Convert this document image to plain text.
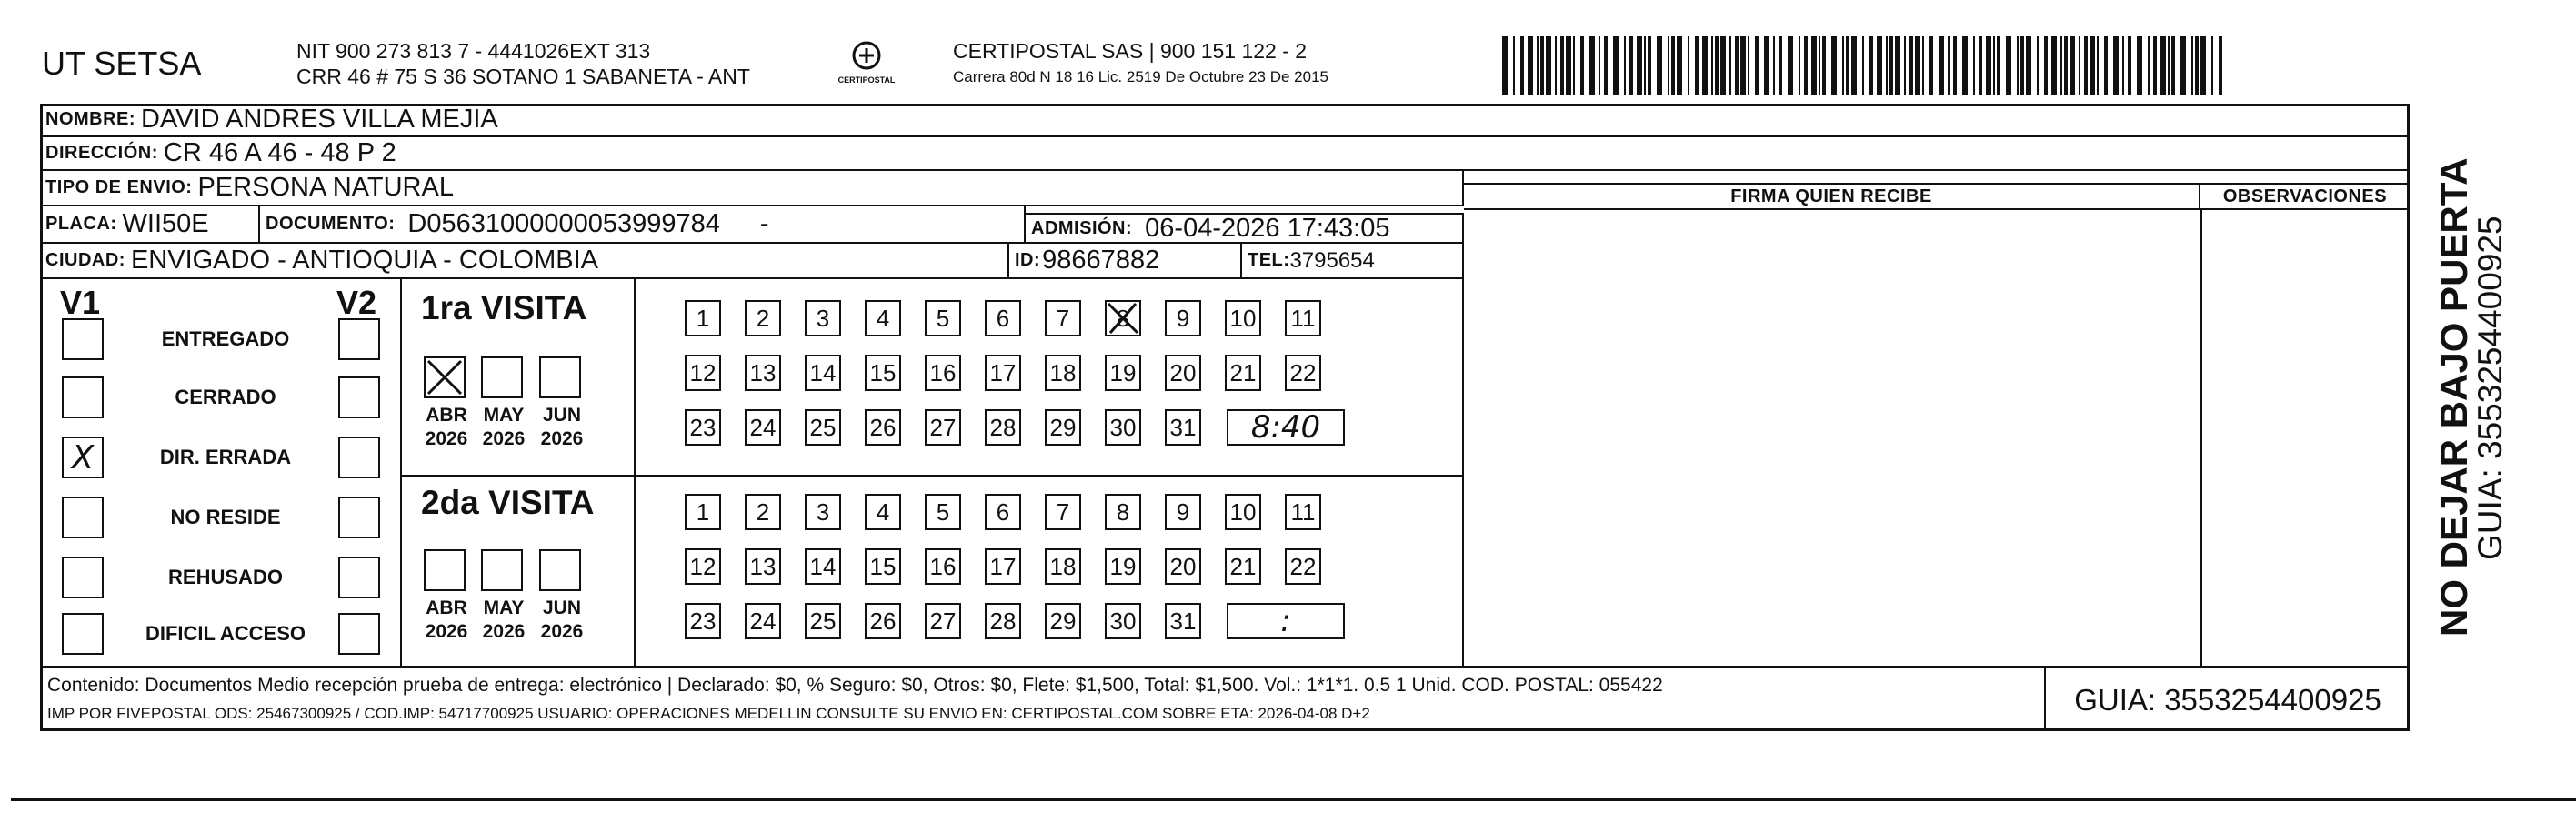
UT SETSA	NIT 900 273 813 7 - 4441026EXT 313
CRR 46 # 75 S 36 SOTANO 1 SABANETA - ANT	CERTIPOSTAL
CERTIPOSTAL SAS | 900 151 122 - 2
Carrera 80d N 18 16 Lic. 2519 De Octubre 23 De 2015
NOMBRE: DAVID ANDRES VILLA MEJIA
DIRECCIÓN: CR 46 A 46 - 48 P 2
TIPO DE ENVIO: PERSONA NATURAL	FIRMA QUIEN RECIBE	OBSERVACIONES
PLACA: WII50E	DOCUMENTO: D05631000000053999784 -	ADMISIÓN: 06-04-2026 17:43:05
CIUDAD: ENVIGADO - ANTIOQUIA - COLOMBIA	ID: 98667882	TEL: 3795654
V1	V2
ENTREGADO
CERRADO
X	DIR. ERRADA
NO RESIDE
REHUSADO
DIFICIL ACCESO
1ra VISITA
2da VISITA
ABR
2026
MAY
2026
JUN
2026
ABR
2026
MAY
2026
JUN
2026
1 2 3 4 5 6 7 8 9 10 11
12 13 14 15 16 17 18 19 20 21 22
23 24 25 26 27 28 29 30 31 8:40
1 2 3 4 5 6 7 8 9 10 11
12 13 14 15 16 17 18 19 20 21 22
23 24 25 26 27 28 29 30 31	:
Contenido: Documentos Medio recepción prueba de entrega: electrónico | Declarado: $0, % Seguro: $0, Otros: $0, Flete: $1,500, Total: $1,500. Vol.: 1*1*1. 0.5 1 Unid. COD. POSTAL: 055422
IMP POR FIVEPOSTAL ODS: 25467300925 / COD.IMP: 54717700925 USUARIO: OPERACIONES MEDELLIN CONSULTE SU ENVIO EN: CERTIPOSTAL.COM SOBRE ETA: 2026-04-08 D+2	GUIA: 3553254400925
NO DEJAR BAJO PUERTA
GUIA: 3553254400925
